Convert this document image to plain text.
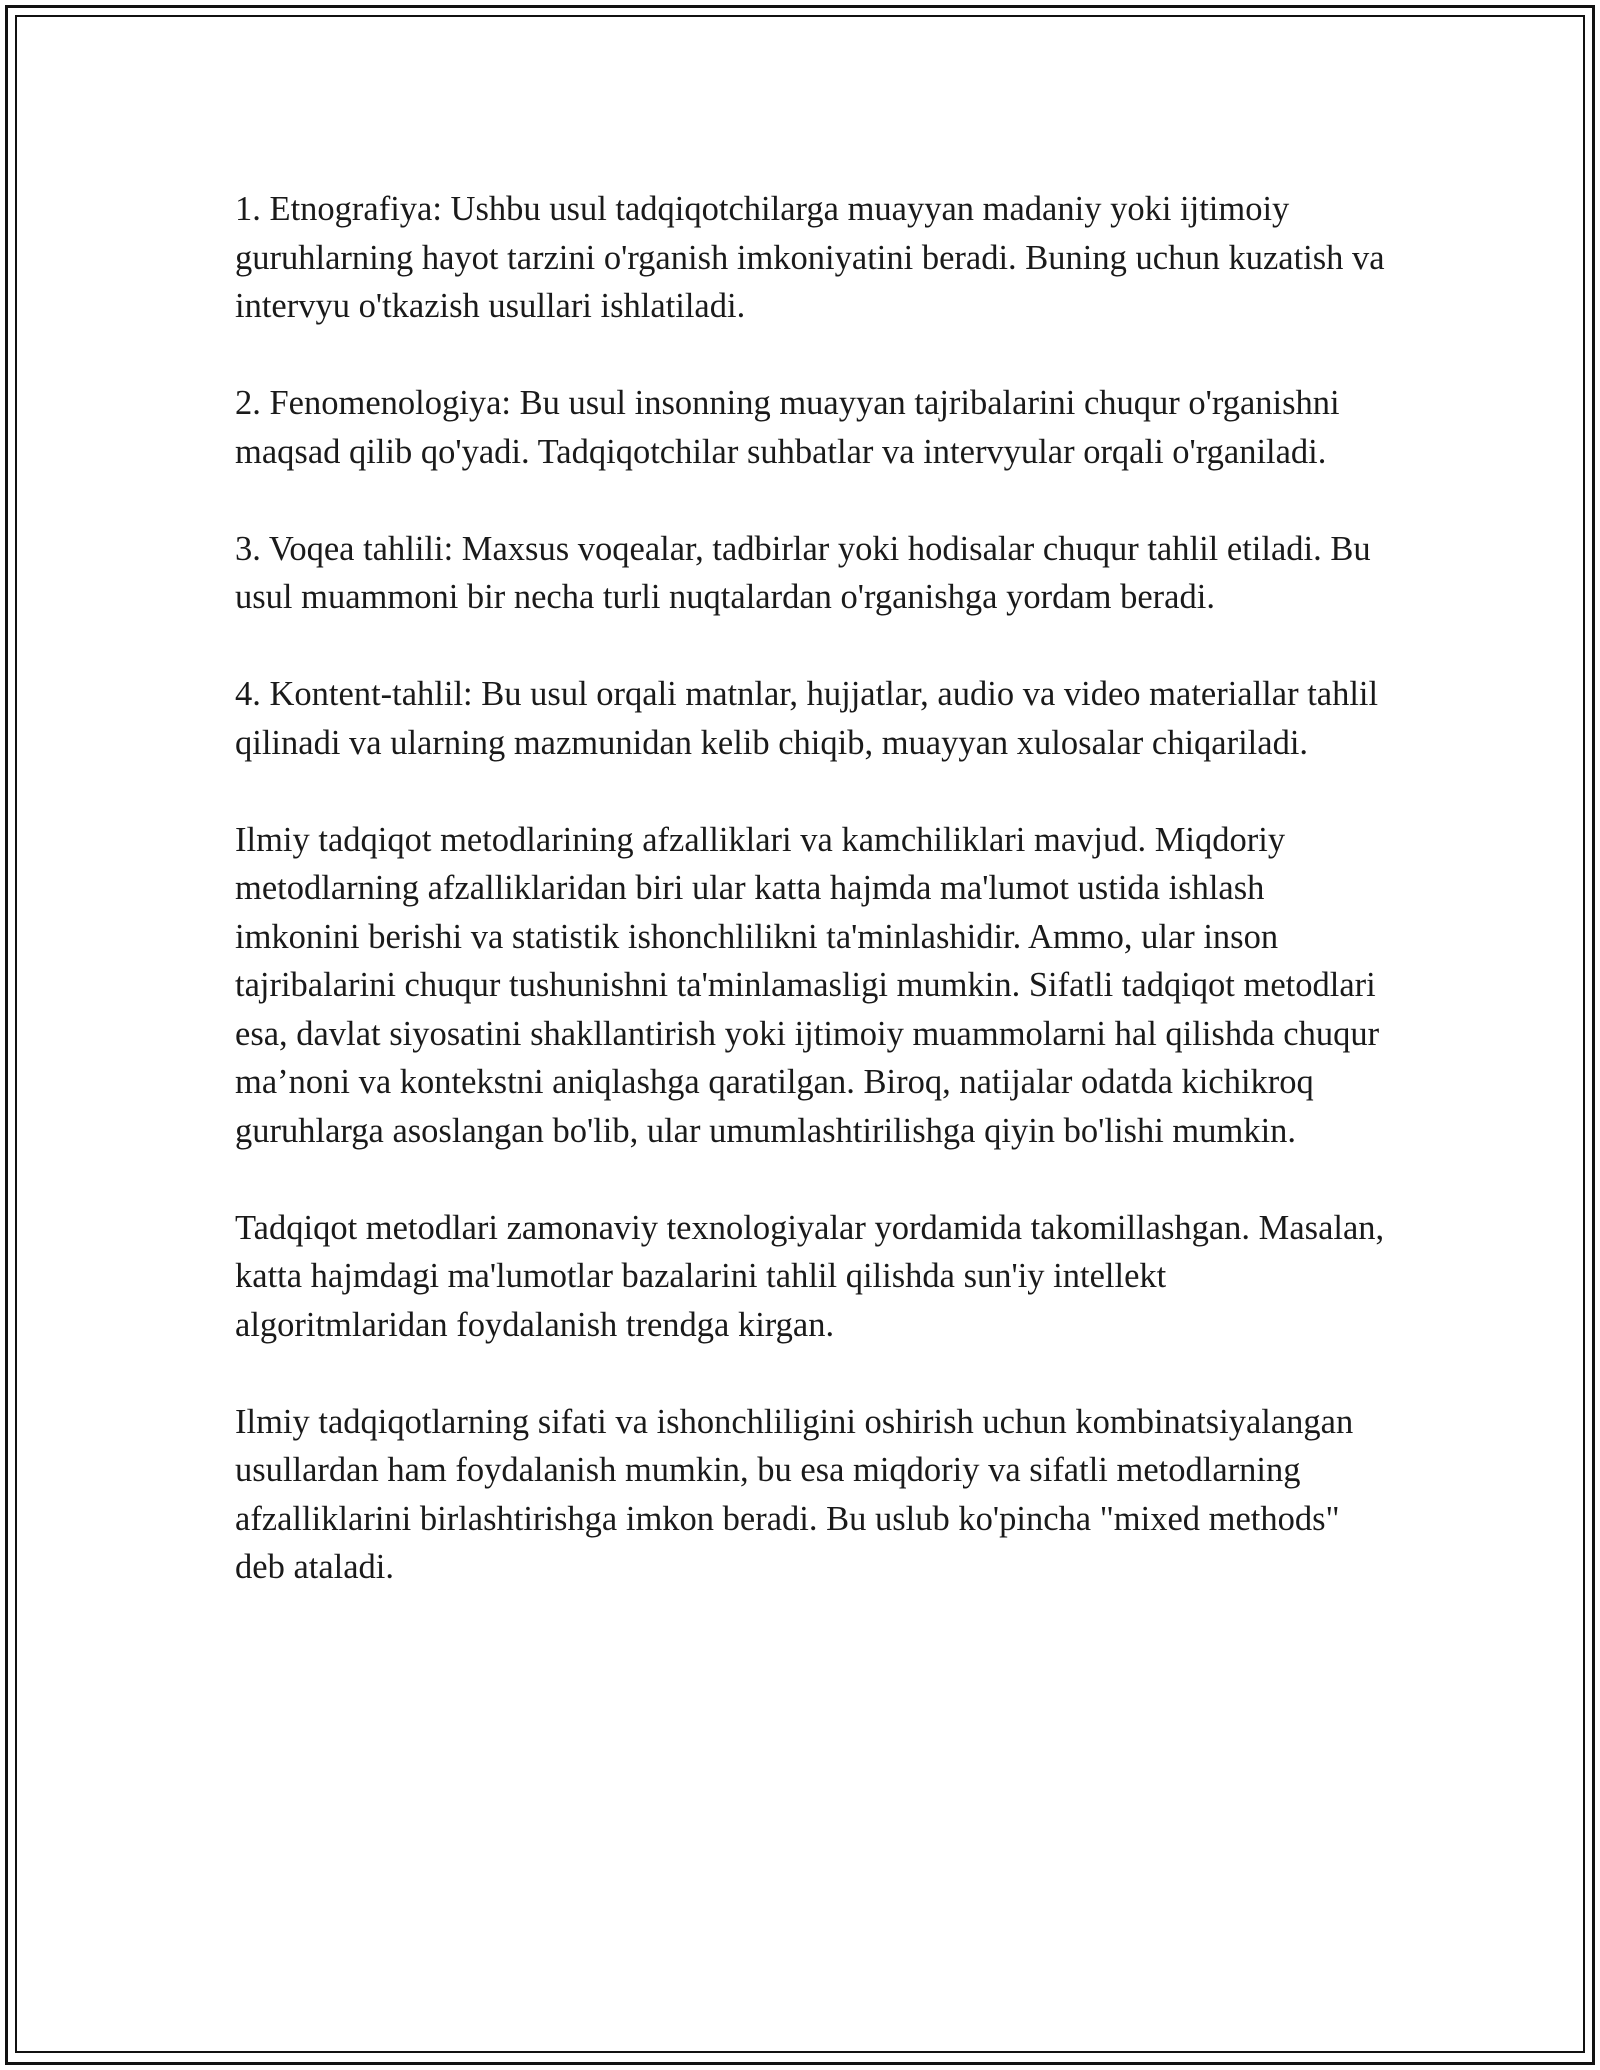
1. Etnografiya: Ushbu usul tadqiqotchilarga muayyan madaniy yoki ijtimoiy guruhlarning hayot tarzini o'rganish imkoniyatini beradi. Buning uchun kuzatish va intervyu o'tkazish usullari ishlatiladi.

2. Fenomenologiya: Bu usul insonning muayyan tajribalarini chuqur o'rganishni maqsad qilib qo'yadi. Tadqiqotchilar suhbatlar va intervyular orqali o'rganiladi.

3. Voqea tahlili: Maxsus voqealar, tadbirlar yoki hodisalar chuqur tahlil etiladi. Bu usul muammoni bir necha turli nuqtalardan o'rganishga yordam beradi.

4. Kontent-tahlil: Bu usul orqali matnlar, hujjatlar, audio va video materiallar tahlil qilinadi va ularning mazmunidan kelib chiqib, muayyan xulosalar chiqariladi.

Ilmiy tadqiqot metodlarining afzalliklari va kamchiliklari mavjud. Miqdoriy metodlarning afzalliklaridan biri ular katta hajmda ma'lumot ustida ishlash imkonini berishi va statistik ishonchlilikni ta'minlashidir. Ammo, ular inson tajribalarini chuqur tushunishni ta'minlamasligi mumkin. Sifatli tadqiqot metodlari esa, davlat siyosatini shakllantirish yoki ijtimoiy muammolarni hal qilishda chuqur ma’noni va kontekstni aniqlashga qaratilgan. Biroq, natijalar odatda kichikroq guruhlarga asoslangan bo'lib, ular umumlashtirilishga qiyin bo'lishi mumkin.

Tadqiqot metodlari zamonaviy texnologiyalar yordamida takomillashgan. Masalan, katta hajmdagi ma'lumotlar bazalarini tahlil qilishda sun'iy intellekt algoritmlaridan foydalanish trendga kirgan.

Ilmiy tadqiqotlarning sifati va ishonchliligini oshirish uchun kombinatsiyalangan usullardan ham foydalanish mumkin, bu esa miqdoriy va sifatli metodlarning afzalliklarini birlashtirishga imkon beradi. Bu uslub ko'pincha "mixed methods" deb ataladi.
